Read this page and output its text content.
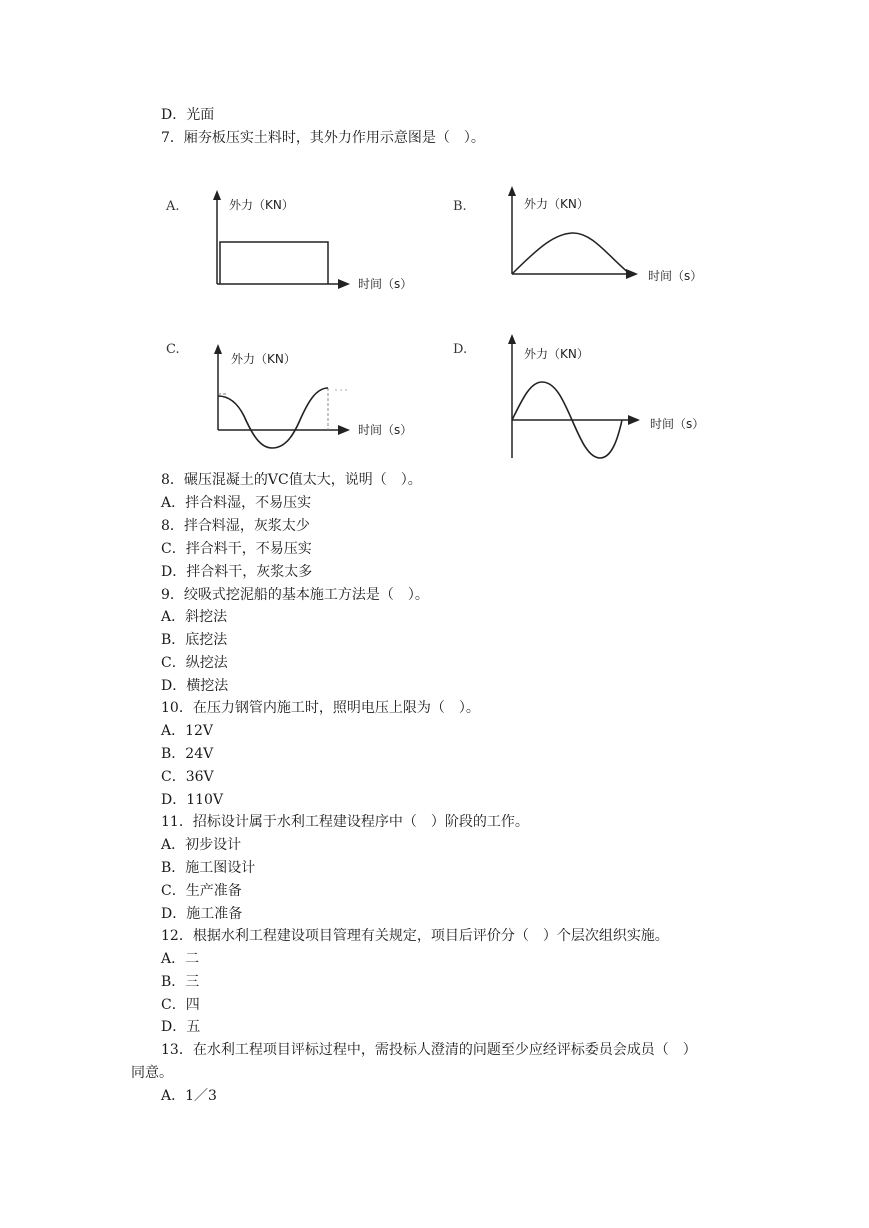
D．光面
7．厢夯板压实土料时，其外力作用示意图是（　）。
A.	外力（KN）
时间（s）
B.	外力（KN）
时间（s）
C.
外力（KN）
时间（s）
D.	外力（KN）
时间（s）
8．碾压混凝土的VC值太大，说明（　）。
A．拌合料湿，不易压实
8．拌合料湿，灰浆太少
C．拌合料干，不易压实
D．拌合料干，灰浆太多
9．绞吸式挖泥船的基本施工方法是（　）。
A．斜挖法
B．底挖法
C．纵挖法
D．横挖法
10．在压力钢管内施工时，照明电压上限为（　）。
A．12V
B．24V
C．36V
D．110V
11．招标设计属于水利工程建设程序中（　）阶段的工作。
A．初步设计
B．施工图设计
C．生产准备
D．施工准备
12．根据水利工程建设项目管理有关规定，项目后评价分（　）个层次组织实施。
A．二
B．三
C．四
D．五
13．在水利工程项目评标过程中，需投标人澄清的问题至少应经评标委员会成员（　）
同意。
A．1／3
